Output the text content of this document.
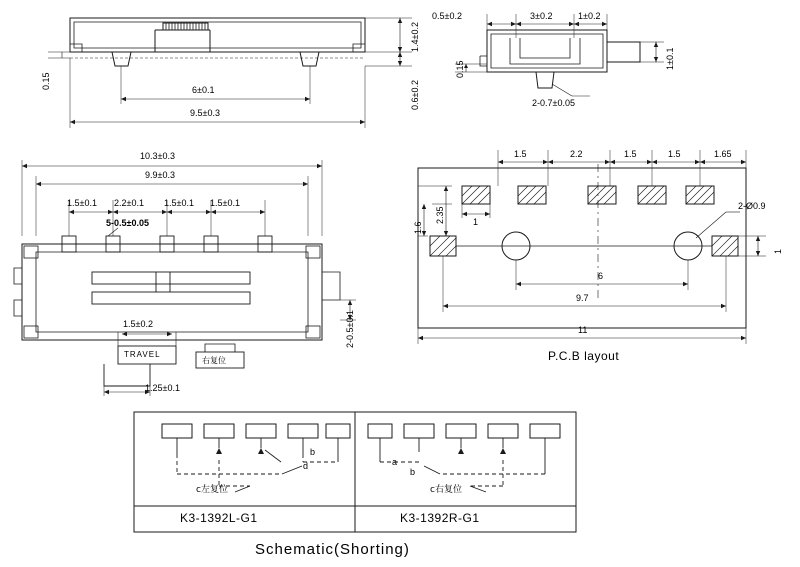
1.4±0.2
0.15	0.6±0.2
6±0.1
9.5±0.3
0.5±0.2	3±0.2	1±0.2
0.15	1±0.1
2-0.7±0.05
10.3±0.3
9.9±0.3
1.5±0.1 2.2±0.1 1.5±0.1 1.5±0.1
5-0.5±0.05
1.5±0.2
TRAVEL
右复位
1.25±0.1
2-0.5±0.1
1.5	2.2	1.5	1.5	1.65
2.35
1.6	1
2-Ø0.9
1
6
9.7
11
P.C.B layout
d
b
c左复位
a
b
c右复位
K3-1392L-G1	K3-1392R-G1
Schematic(Shorting)
